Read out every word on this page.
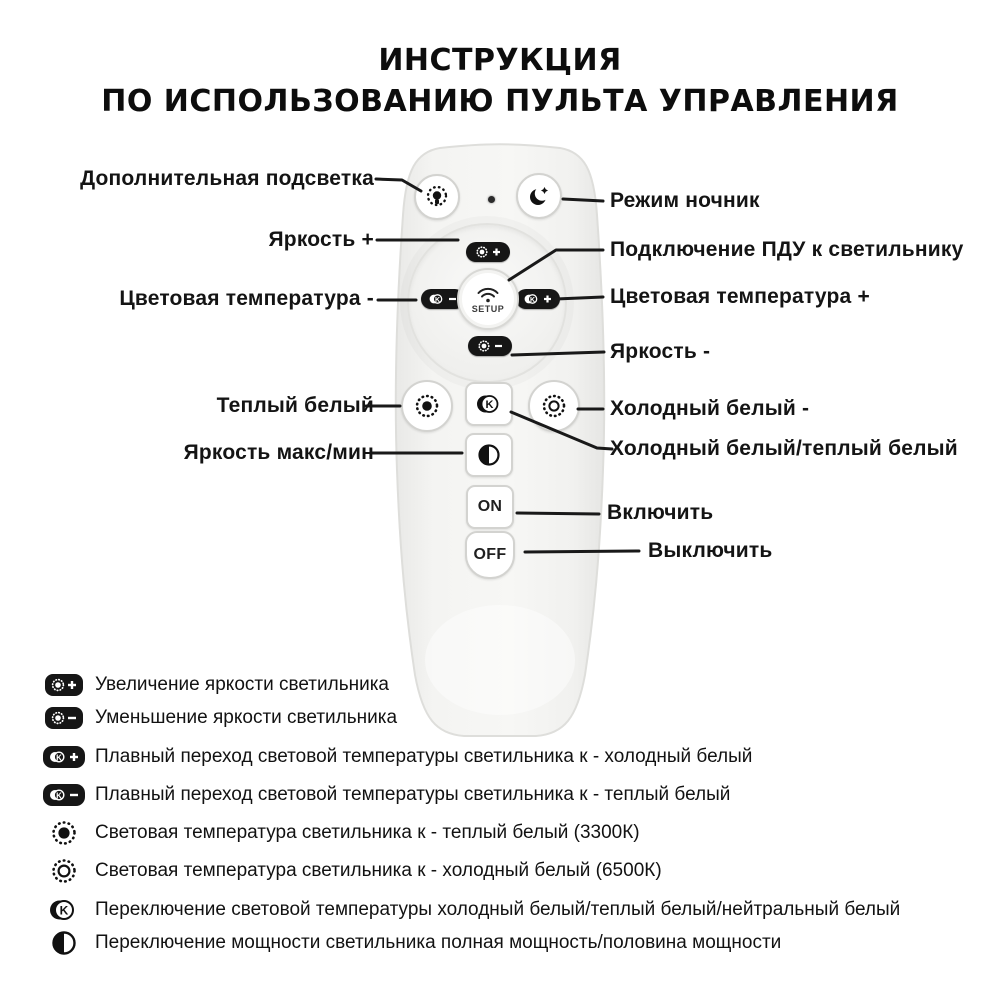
ИНСТРУКЦИЯ
ПО ИСПОЛЬЗОВАНИЮ ПУЛЬТА УПРАВЛЕНИЯ
K	K
SETUP
K
ON
OFF
Дополнительная подсветка
Яркость +
Цветовая температура -
Теплый белый
Яркость макс/мин
Режим ночник
Подключение ПДУ к светильнику
Цветовая температура +
Яркость -
Холодный белый -
Холодный белый/теплый белый
Включить
Выключить
Увеличение яркости светильника
Уменьшение яркости светильника
K Плавный переход световой температуры светильника к - холодный белый
K Плавный переход световой температуры светильника к - теплый белый
Световая температура светильника к - теплый белый (3300К)
Световая температура светильника к - холодный белый (6500К)
K Переключение световой температуры холодный белый/теплый белый/нейтральный белый
Переключение мощности светильника полная мощность/половина мощности
